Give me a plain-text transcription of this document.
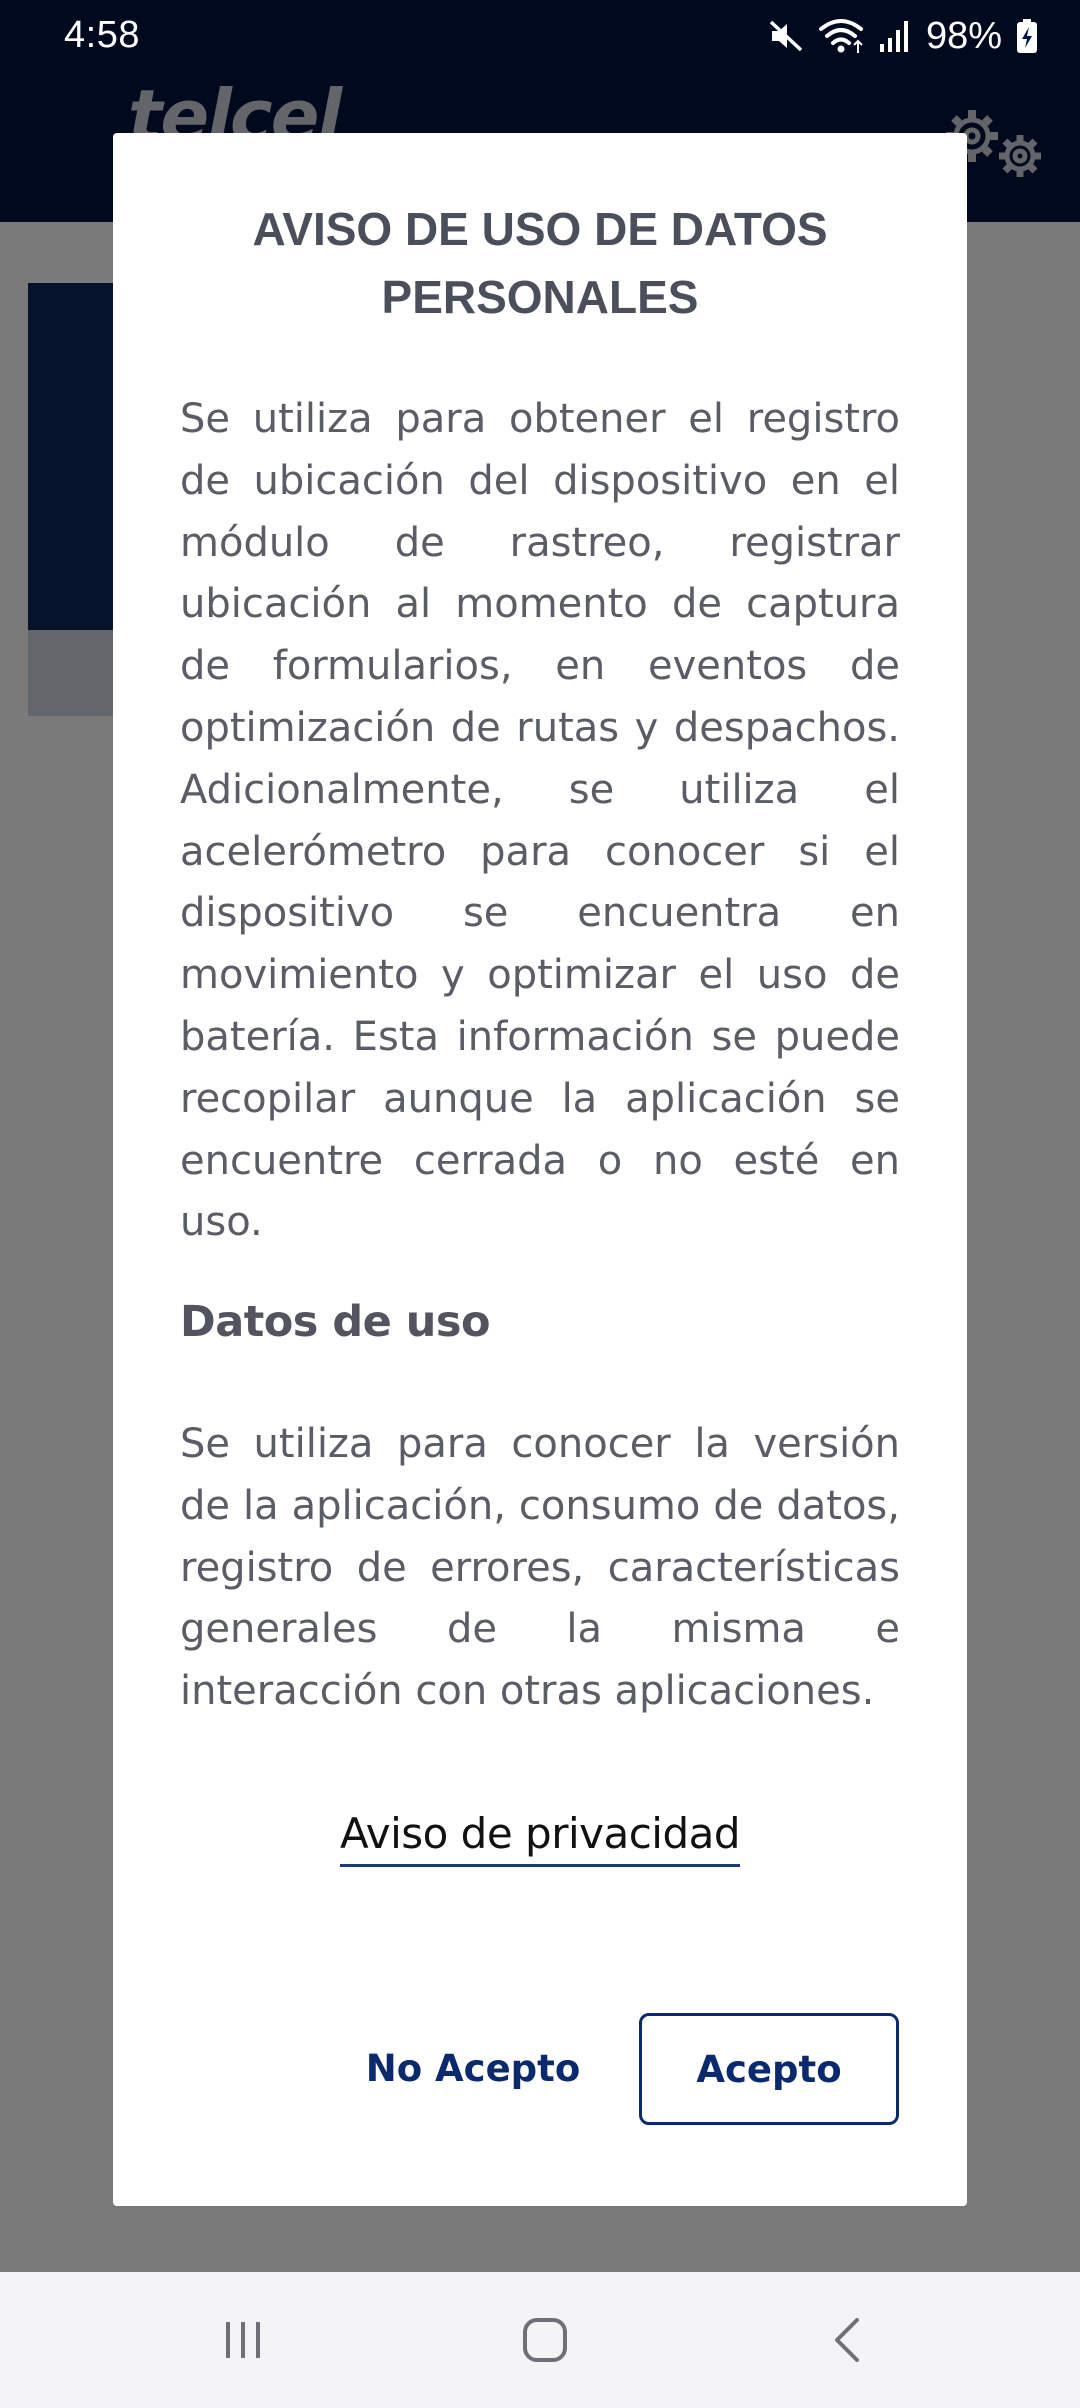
4:58	98%
AVISO DE USO DE DATOS PERSONALES

Se utiliza para obtener el registro de ubicación del dispositivo en el módulo de rastreo, registrar ubicación al momento de captura de formularios, en eventos de optimización de rutas y despachos. Adicionalmente, se utiliza el acelerómetro para conocer si el dispositivo se encuentra en movimiento y optimizar el uso de batería. Esta información se puede recopilar aunque la aplicación se encuentre cerrada o no esté en uso.

Datos de uso

Se utiliza para conocer la versión de la aplicación, consumo de datos, registro de errores, características generales de la misma e interacción con otras aplicaciones.

Aviso de privacidad
No Acepto	Acepto
